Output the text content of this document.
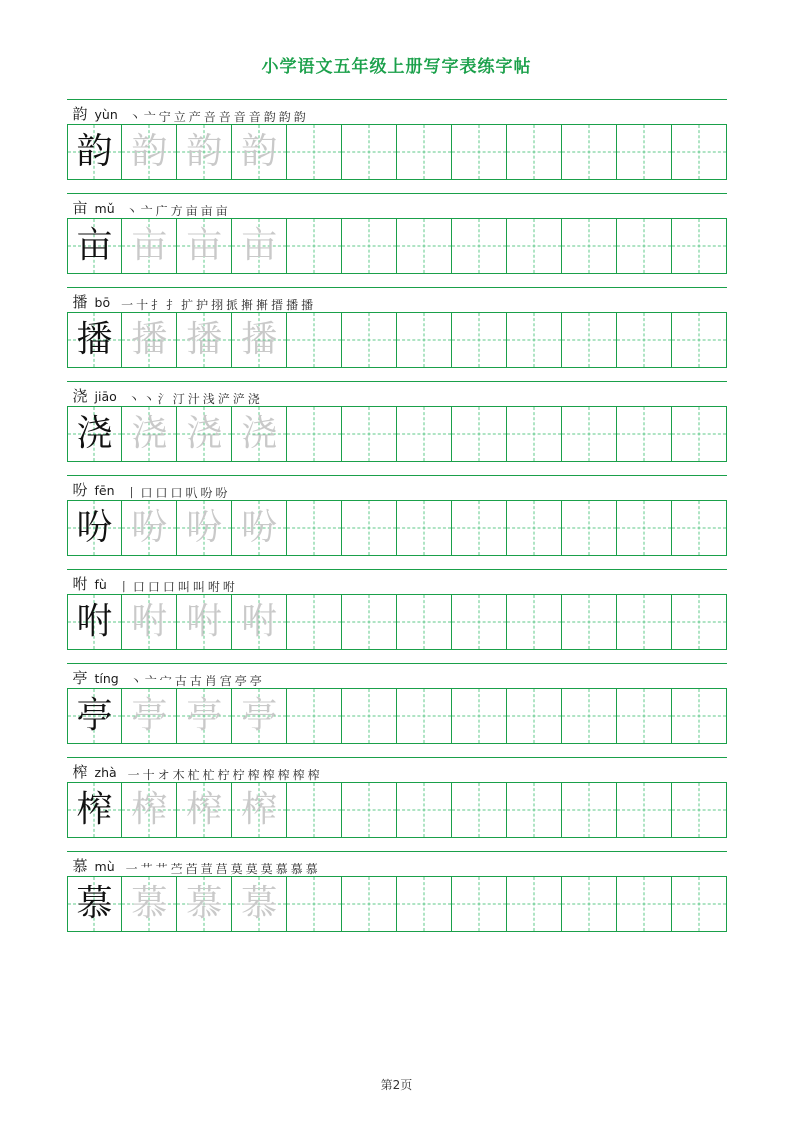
小学语文五年级上册写字表练字帖
韵 yùn 丶 亠 宁 立 产 咅 咅 音 音 韵 韵 韵
韵 韵 韵 韵
亩 mǔ 丶 亠 广 方 亩 亩 亩
亩 亩 亩 亩
播 bō 一 十 扌 扌 扩 护 挧 挀 搟 搟 搢 播 播
播 播 播 播
浇 jiāo 丶 丶 氵 汀 汁 浅 浐 浐 浇
浇 浇 浇 浇
吩 fēn 丨 口 口 口 叭 吩 吩
吩 吩 吩 吩
咐 fù 丨 口 口 口 叫 叫 咐 咐
咐 咐 咐 咐
亭 tíng 丶 亠 宀 古 古 肖 宫 亭 亭
亭 亭 亭 亭
榨 zhà 一 十 オ 木 杧 杧 柠 柠 榨 榨 榨 榨 榨
榨 榨 榨 榨
慕 mù 一 艹 艹 苎 苩 荁 莒 莫 莫 莫 慕 慕 慕
慕 慕 慕 慕
第2页
